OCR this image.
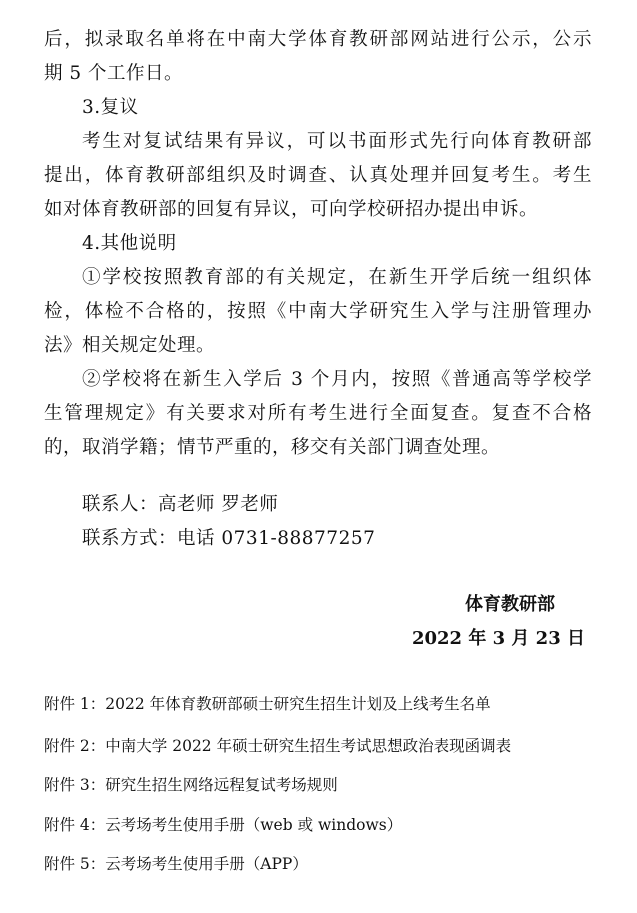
后，拟录取名单将在中南大学体育教研部网站进行公示，公示
期 5 个工作日。
3.复议
考生对复试结果有异议，可以书面形式先行向体育教研部
提出，体育教研部组织及时调查、认真处理并回复考生。考生
如对体育教研部的回复有异议，可向学校研招办提出申诉。
4.其他说明
①学校按照教育部的有关规定，在新生开学后统一组织体
检，体检不合格的，按照《中南大学研究生入学与注册管理办
法》相关规定处理。
②学校将在新生入学后 3 个月内，按照《普通高等学校学
生管理规定》有关要求对所有考生进行全面复查。复查不合格
的，取消学籍；情节严重的，移交有关部门调查处理。
联系人：高老师 罗老师
联系方式：电话 0731-88877257
体育教研部
2022 年 3 月 23 日
附件 1：2022 年体育教研部硕士研究生招生计划及上线考生名单
附件 2：中南大学 2022 年硕士研究生招生考试思想政治表现函调表
附件 3：研究生招生网络远程复试考场规则
附件 4：云考场考生使用手册（web 或 windows）
附件 5：云考场考生使用手册（APP）
